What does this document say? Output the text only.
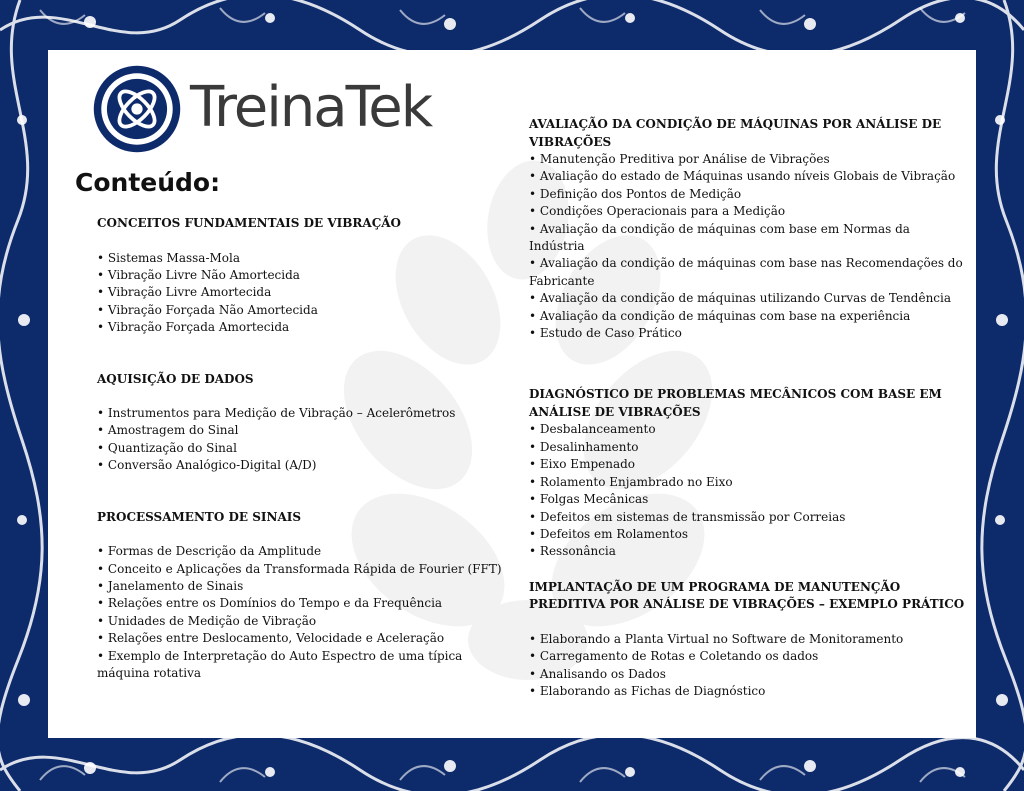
TreinaTek
Conteúdo:

CONCEITOS FUNDAMENTAIS DE VIBRAÇÃO

• Sistemas Massa-Mola
• Vibração Livre Não Amortecida
• Vibração Livre Amortecida
• Vibração Forçada Não Amortecida
• Vibração Forçada Amortecida

AQUISIÇÃO DE DADOS

• Instrumentos para Medição de Vibração – Acelerômetros
• Amostragem do Sinal
• Quantização do Sinal
• Conversão Analógico-Digital (A/D)

PROCESSAMENTO DE SINAIS

• Formas de Descrição da Amplitude
• Conceito e Aplicações da Transformada Rápida de Fourier (FFT)
• Janelamento de Sinais
• Relações entre os Domínios do Tempo e da Frequência
• Unidades de Medição de Vibração
• Relações entre Deslocamento, Velocidade e Aceleração
• Exemplo de Interpretação do Auto Espectro de uma típica máquina rotativa

AVALIAÇÃO DA CONDIÇÃO DE MÁQUINAS POR ANÁLISE DE VIBRAÇÕES

• Manutenção Preditiva por Análise de Vibrações
• Avaliação do estado de Máquinas usando níveis Globais de Vibração
• Definição dos Pontos de Medição
• Condições Operacionais para a Medição
• Avaliação da condição de máquinas com base em Normas da Indústria
• Avaliação da condição de máquinas com base nas Recomendações do Fabricante
• Avaliação da condição de máquinas utilizando Curvas de Tendência
• Avaliação da condição de máquinas com base na experiência
• Estudo de Caso Prático

DIAGNÓSTICO DE PROBLEMAS MECÂNICOS COM BASE EM ANÁLISE DE VIBRAÇÕES

• Desbalanceamento
• Desalinhamento
• Eixo Empenado
• Rolamento Enjambrado no Eixo
• Folgas Mecânicas
• Defeitos em sistemas de transmissão por Correias
• Defeitos em Rolamentos
• Ressonância

IMPLANTAÇÃO DE UM PROGRAMA DE MANUTENÇÃO PREDITIVA POR ANÁLISE DE VIBRAÇÕES – EXEMPLO PRÁTICO

• Elaborando a Planta Virtual no Software de Monitoramento
• Carregamento de Rotas e Coletando os dados
• Analisando os Dados
• Elaborando as Fichas de Diagnóstico
